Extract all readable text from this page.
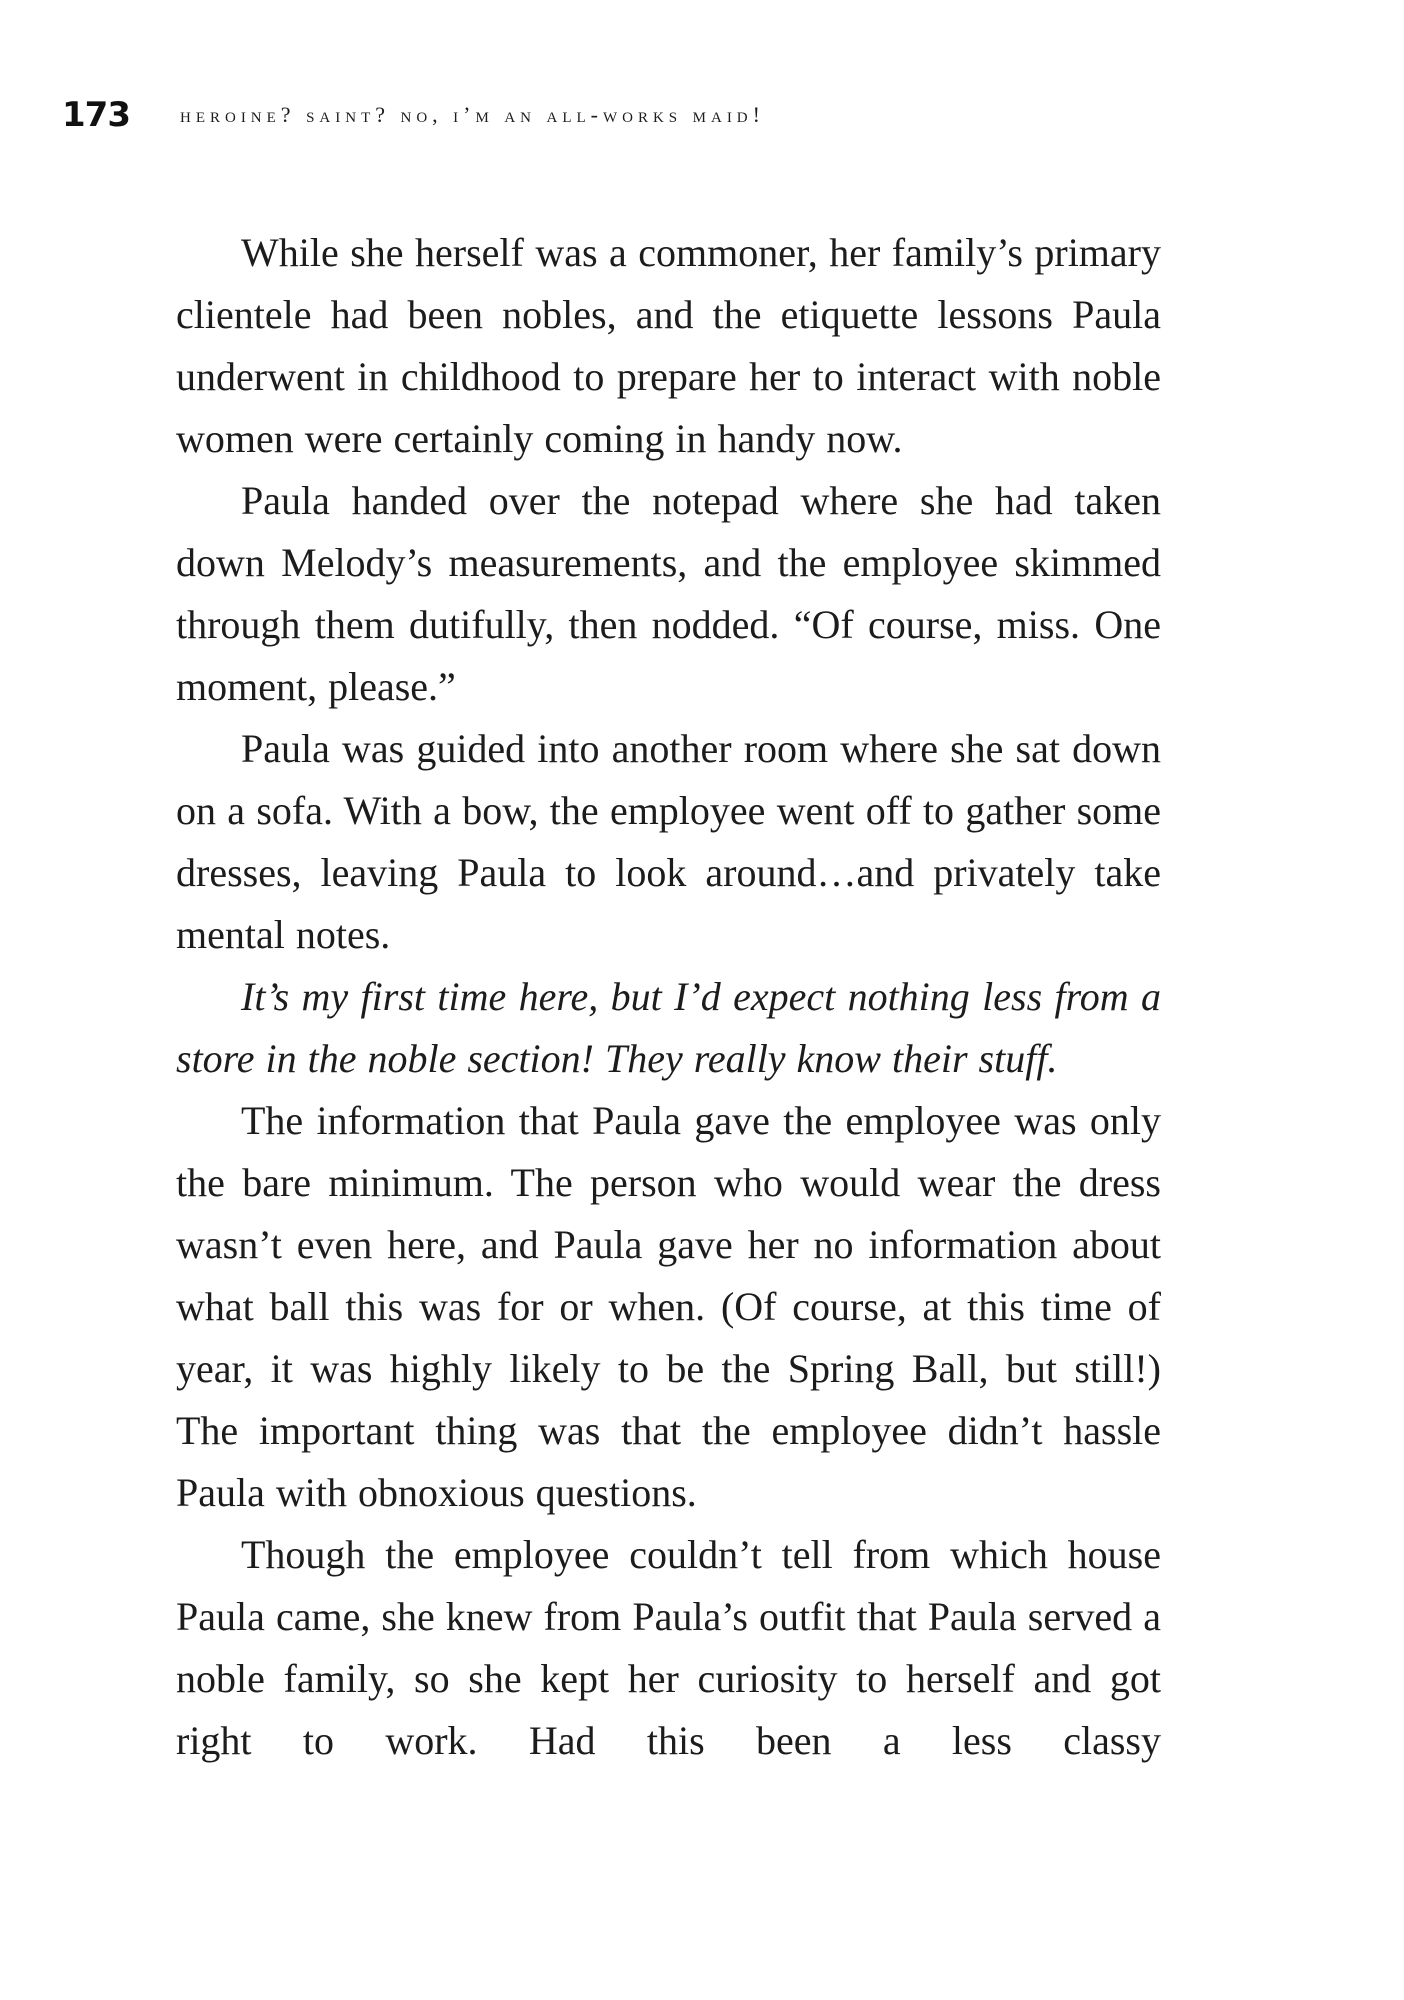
173 heroine? saint? no, i’m an all-works maid!

While she herself was a commoner, her family’s primary clientele had been nobles, and the etiquette lessons Paula underwent in childhood to prepare her to interact with noble women were certainly coming in handy now.

Paula handed over the notepad where she had taken down Melody’s measurements, and the employee skimmed through them dutifully, then nodded. “Of course, miss. One moment, please.”

Paula was guided into another room where she sat down on a sofa. With a bow, the employee went off to gather some dresses, leaving Paula to look around…and privately take mental notes.

It’s my first time here, but I’d expect nothing less from a store in the noble section! They really know their stuff.

The information that Paula gave the employee was only the bare minimum. The person who would wear the dress wasn’t even here, and Paula gave her no information about what ball this was for or when. (Of course, at this time of year, it was highly likely to be the Spring Ball, but still!) The important thing was that the employee didn’t hassle Paula with obnoxious questions.

Though the employee couldn’t tell from which house Paula came, she knew from Paula’s outfit that Paula served a noble family, so she kept her curiosity to herself and got right to work. Had this been a less classy
